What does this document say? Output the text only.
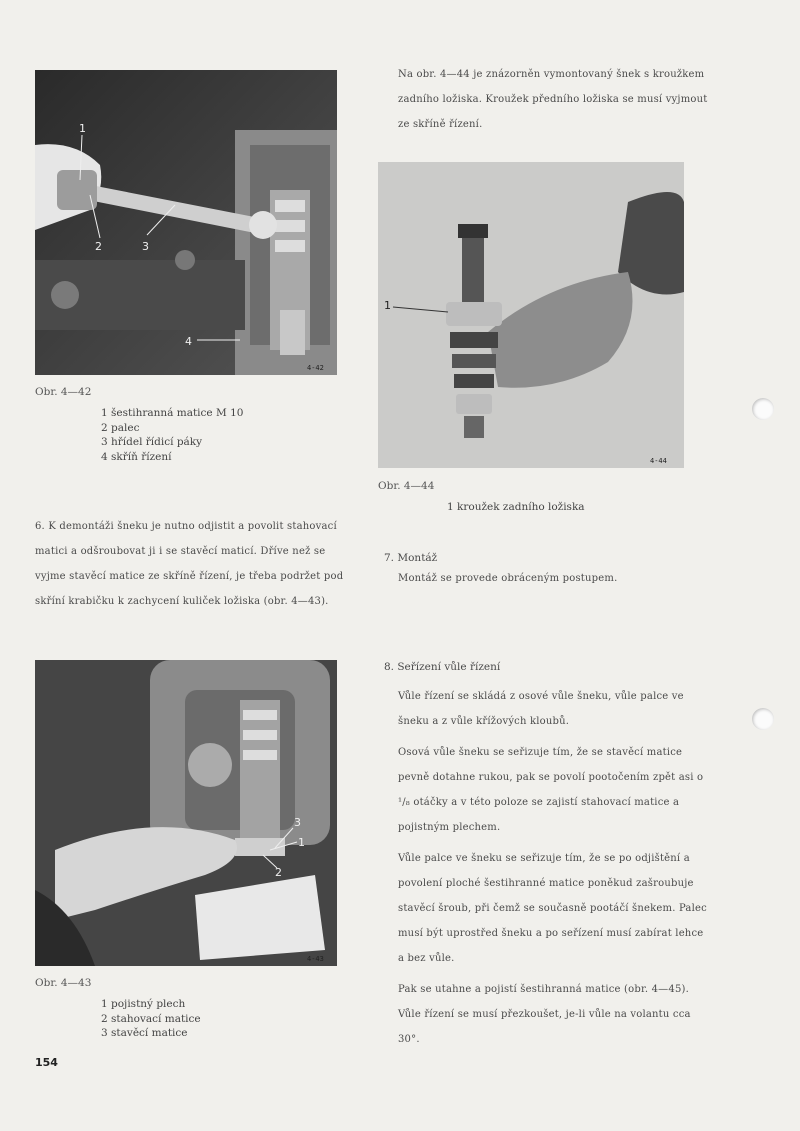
1
2	3
4
4-42
Obr. 4—42
1 šestihranná matice M 10
2 palec
3 hřídel řídicí páky
4 skříň řízení
Na obr. 4—44 je znázorněn vymontovaný šnek s kroužkem zadního ložiska. Kroužek předního ložiska se musí vyjmout ze skříně řízení.
1
4-44
Obr. 4—44
1 kroužek zadního ložiska
6. K demontáži šneku je nutno odjistit a povolit stahovací matici a odšroubovat ji i se stavěcí maticí. Dříve než se vyjme stavěcí matice ze skříně řízení, je třeba podržet pod skříní krabičku k zachycení kuliček ložiska (obr. 4—43).
7. Montáž
Montáž se provede obráceným postupem.
3
1
2
4-43
Obr. 4—43
1 pojistný plech
2 stahovací matice
3 stavěcí matice
8. Seřízení vůle řízení

Vůle řízení se skládá z osové vůle šneku, vůle palce ve šneku a z vůle křížových kloubů.

Osová vůle šneku se seřizuje tím, že se stavěcí matice pevně dotahne rukou, pak se povolí pootočením zpět asi o ¹/₈ otáčky a v této poloze se zajistí stahovací matice a pojistným plechem.

Vůle palce ve šneku se seřizuje tím, že se po odjištění a povolení ploché šestihranné matice poněkud zašroubuje stavěcí šroub, při čemž se současně pootáčí šnekem. Palec musí být uprostřed šneku a po seřízení musí zabírat lehce a bez vůle.

Pak se utahne a pojistí šestihranná matice (obr. 4—45). Vůle řízení se musí přezkoušet, je-li vůle na volantu cca 30°.

154
